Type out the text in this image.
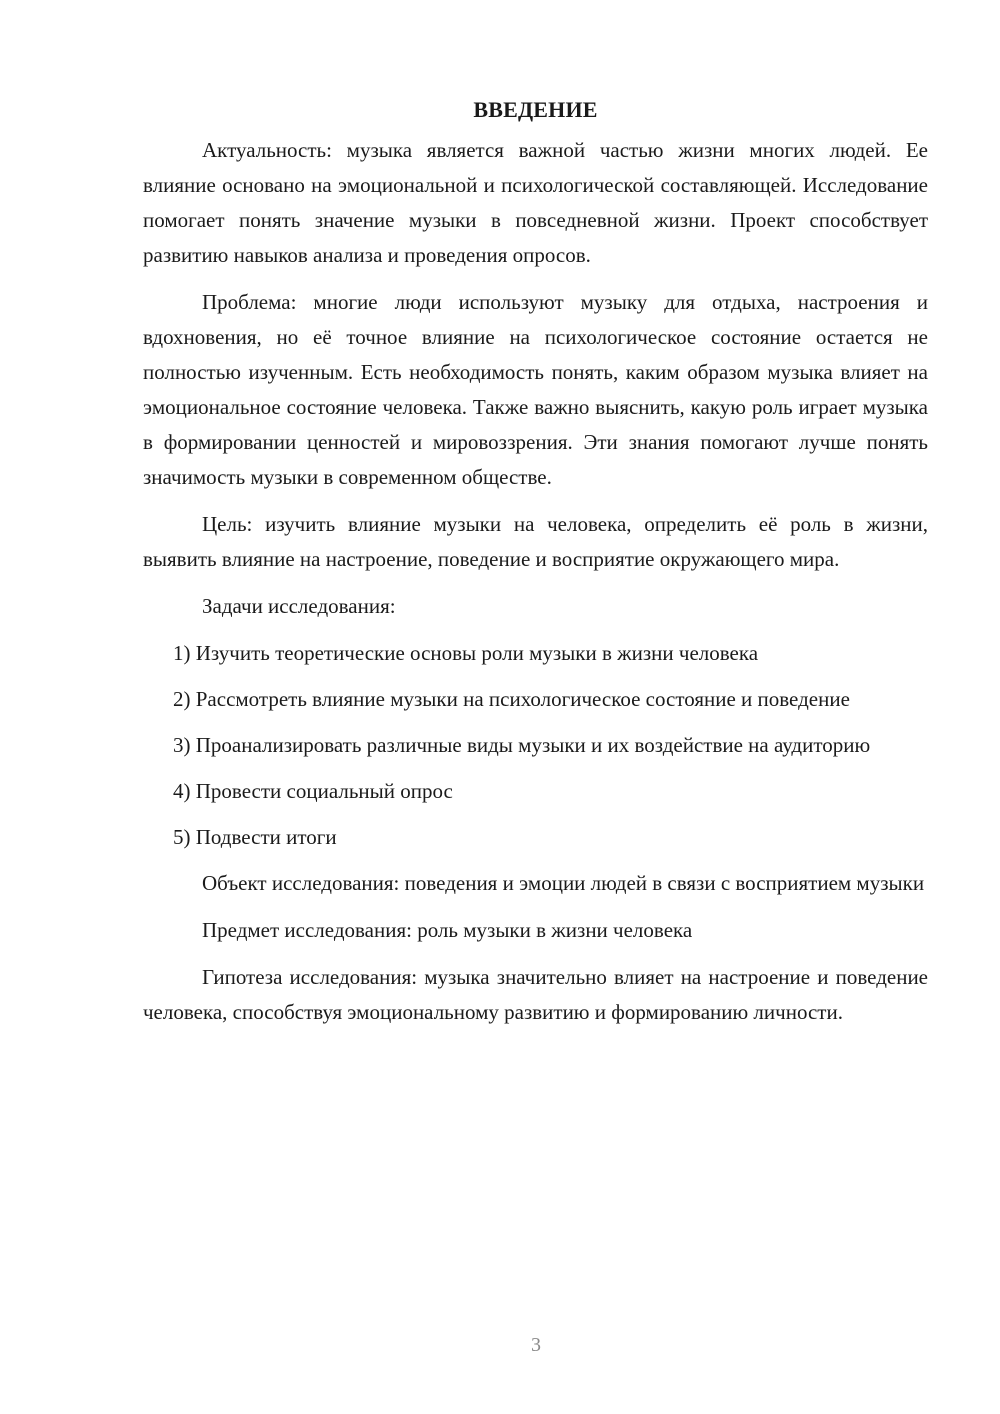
ВВЕДЕНИЕ

Актуальность: музыка является важной частью жизни многих людей. Ее влияние основано на эмоциональной и психологической составляющей. Исследование помогает понять значение музыки в повседневной жизни. Проект способствует развитию навыков анализа и проведения опросов.

Проблема: многие люди используют музыку для отдыха, настроения и вдохновения, но её точное влияние на психологическое состояние остается не полностью изученным. Есть необходимость понять, каким образом музыка влияет на эмоциональное состояние человека. Также важно выяснить, какую роль играет музыка в формировании ценностей и мировоззрения. Эти знания помогают лучше понять значимость музыки в современном обществе.

Цель: изучить влияние музыки на человека, определить её роль в жизни, выявить влияние на настроение, поведение и восприятие окружающего мира.

Задачи исследования:

1) Изучить теоретические основы роли музыки в жизни человека

2) Рассмотреть влияние музыки на психологическое состояние и поведение

3) Проанализировать различные виды музыки и их воздействие на аудиторию

4) Провести социальный опрос

5) Подвести итоги

Объект исследования: поведения и эмоции людей в связи с восприятием музыки

Предмет исследования: роль музыки в жизни человека

Гипотеза исследования: музыка значительно влияет на настроение и поведение человека, способствуя эмоциональному развитию и формированию личности.

3
